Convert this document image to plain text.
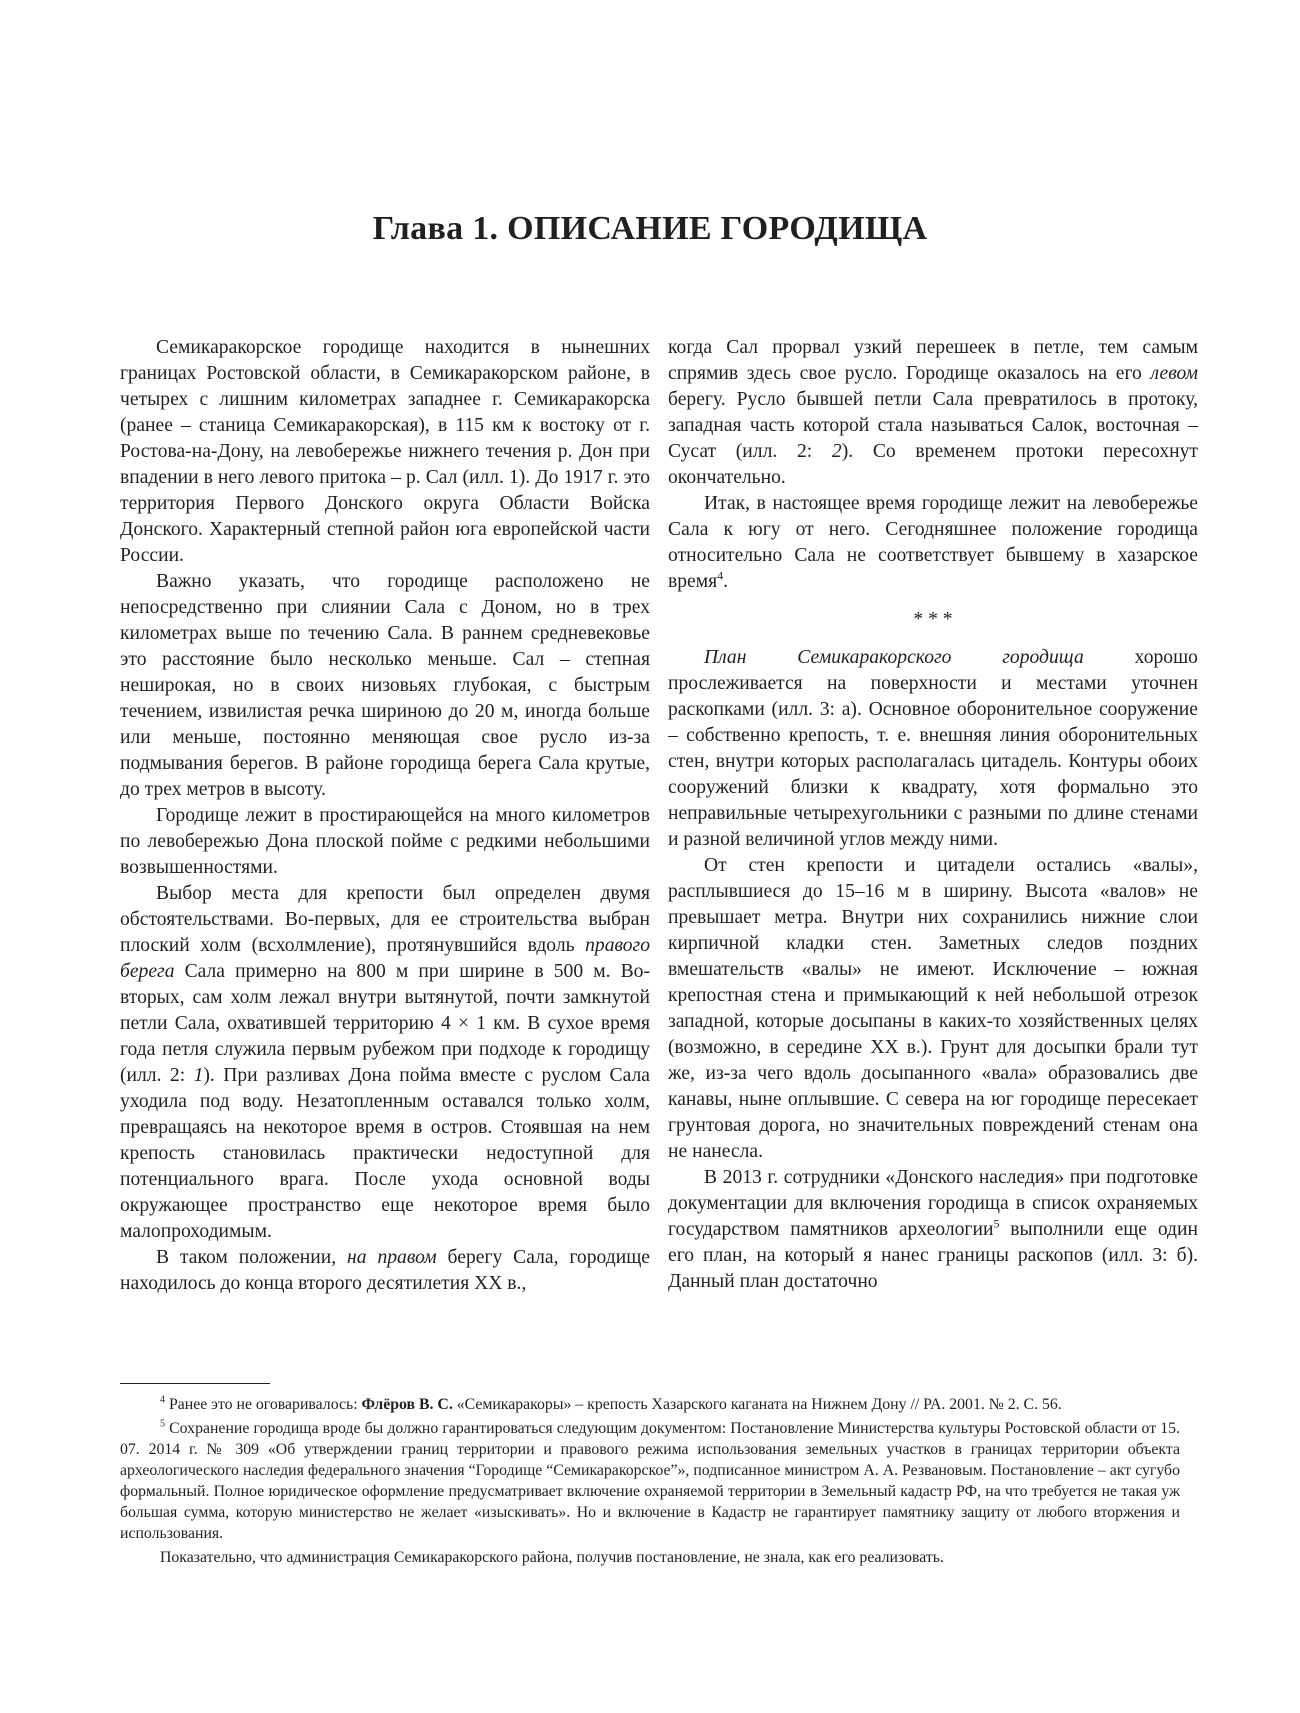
Глава 1. ОПИСАНИЕ ГОРОДИЩА

Семикаракорское городище находится в нынешних границах Ростовской области, в Семикаракорском районе, в четырех с лишним километрах западнее г. Семикаракорска (ранее – станица Семикаракорская), в 115 км к востоку от г. Ростова-на-Дону, на левобережье нижнего течения р. Дон при впадении в него левого притока – р. Сал (илл. 1). До 1917 г. это территория Первого Донского округа Области Войска Донского. Характерный степной район юга европейской части России.

Важно указать, что городище расположено не непосредственно при слиянии Сала с Доном, но в трех километрах выше по течению Сала. В раннем средневековье это расстояние было несколько меньше. Сал – степная неширокая, но в своих низовьях глубокая, с быстрым течением, извилистая речка шириною до 20 м, иногда больше или меньше, постоянно меняющая свое русло из-за подмывания берегов. В районе городища берега Сала крутые, до трех метров в высоту.

Городище лежит в простирающейся на много километров по левобережью Дона плоской пойме с редкими небольшими возвышенностями.

Выбор места для крепости был определен двумя обстоятельствами. Во-первых, для ее строительства выбран плоский холм (всхолмление), протянувшийся вдоль правого берега Сала примерно на 800 м при ширине в 500 м. Во-вторых, сам холм лежал внутри вытянутой, почти замкнутой петли Сала, охватившей территорию 4 × 1 км. В сухое время года петля служила первым рубежом при подходе к городищу (илл. 2: 1). При разливах Дона пойма вместе с руслом Сала уходила под воду. Незатопленным оставался только холм, превращаясь на некоторое время в остров. Стоявшая на нем крепость становилась практически недоступной для потенциального врага. После ухода основной воды окружающее пространство еще некоторое время было малопроходимым.

В таком положении, на правом берегу Сала, городище находилось до конца второго десятилетия XX в.,

когда Сал прорвал узкий перешеек в петле, тем самым спрямив здесь свое русло. Городище оказалось на его левом берегу. Русло бывшей петли Сала превратилось в протоку, западная часть которой стала называться Салок, восточная – Сусат (илл. 2: 2). Со временем протоки пересохнут окончательно.

Итак, в настоящее время городище лежит на левобережье Сала к югу от него. Сегодняшнее положение городища относительно Сала не соответствует бывшему в хазарское время$^4$.

* * *

План Семикаракорского городища хорошо прослеживается на поверхности и местами уточнен раскопками (илл. 3: а). Основное оборонительное сооружение – собственно крепость, т. е. внешняя линия оборонительных стен, внутри которых располагалась цитадель. Контуры обоих сооружений близки к квадрату, хотя формально это неправильные четырехугольники с разными по длине стенами и разной величиной углов между ними.

От стен крепости и цитадели остались «валы», расплывшиеся до 15–16 м в ширину. Высота «валов» не превышает метра. Внутри них сохранились нижние слои кирпичной кладки стен. Заметных следов поздних вмешательств «валы» не имеют. Исключение – южная крепостная стена и примыкающий к ней небольшой отрезок западной, которые досыпаны в каких-то хозяйственных целях (возможно, в середине XX в.). Грунт для досыпки брали тут же, из-за чего вдоль досыпанного «вала» образовались две канавы, ныне оплывшие. С севера на юг городище пересекает грунтовая дорога, но значительных повреждений стенам она не нанесла.

В 2013 г. сотрудники «Донского наследия» при подготовке документации для включения городища в список охраняемых государством памятников археологии$^5$ выполнили еще один его план, на который я нанес границы раскопов (илл. 3: б). Данный план достаточно

$^4$ Ранее это не оговаривалось: Флёров В. С. «Семикаракоры» – крепость Хазарского каганата на Нижнем Дону // РА. 2001. № 2. С. 56.

$^5$ Сохранение городища вроде бы должно гарантироваться следующим документом: Постановление Министерства культуры Ростовской области от 15. 07. 2014 г. № 309 «Об утверждении границ территории и правового режима использования земельных участков в границах территории объекта археологического наследия федерального значения “Городище “Семикаракорское”», подписанное министром А. А. Резвановым. Постановление – акт сугубо формальный. Полное юридическое оформление предусматривает включение охраняемой территории в Земельный кадастр РФ, на что требуется не такая уж большая сумма, которую министерство не желает «изыскивать». Но и включение в Кадастр не гарантирует памятнику защиту от любого вторжения и использования.

Показательно, что администрация Семикаракорского района, получив постановление, не знала, как его реализовать.
